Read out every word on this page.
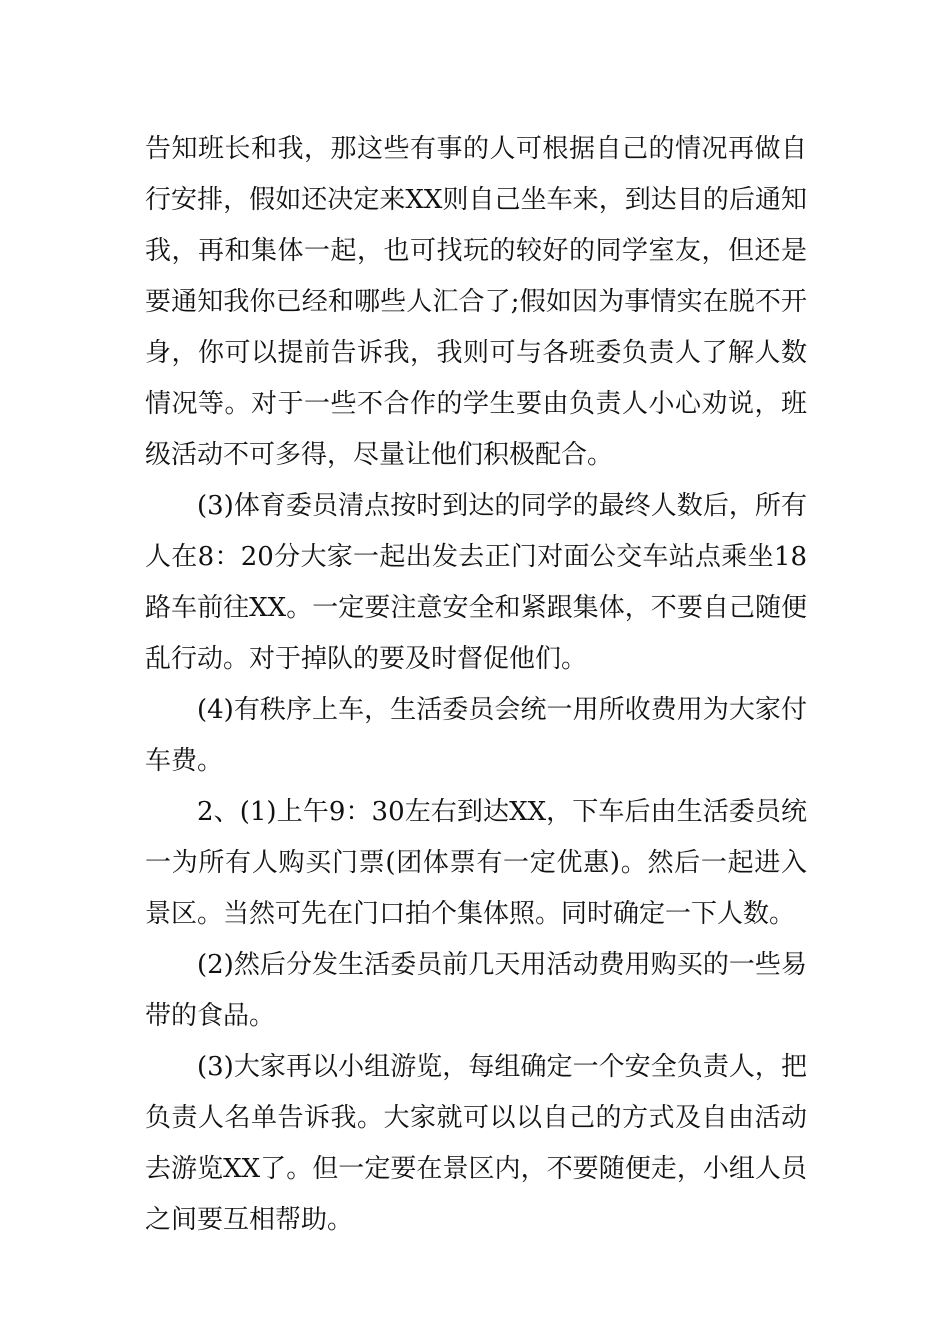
告知班长和我，那这些有事的人可根据自己的情况再做自行安排，假如还决定来XX则自己坐车来，到达目的后通知我，再和集体一起，也可找玩的较好的同学室友，但还是要通知我你已经和哪些人汇合了;假如因为事情实在脱不开身，你可以提前告诉我，我则可与各班委负责人了解人数情况等。对于一些不合作的学生要由负责人小心劝说，班级活动不可多得，尽量让他们积极配合。

(3)体育委员清点按时到达的同学的最终人数后，所有人在8：20分大家一起出发去正门对面公交车站点乘坐18路车前往XX。一定要注意安全和紧跟集体，不要自己随便乱行动。对于掉队的要及时督促他们。

(4)有秩序上车，生活委员会统一用所收费用为大家付车费。

2、(1)上午9：30左右到达XX，下车后由生活委员统一为所有人购买门票(团体票有一定优惠)。然后一起进入景区。当然可先在门口拍个集体照。同时确定一下人数。

(2)然后分发生活委员前几天用活动费用购买的一些易带的食品。

(3)大家再以小组游览，每组确定一个安全负责人，把负责人名单告诉我。大家就可以以自己的方式及自由活动去游览XX了。但一定要在景区内，不要随便走，小组人员之间要互相帮助。
